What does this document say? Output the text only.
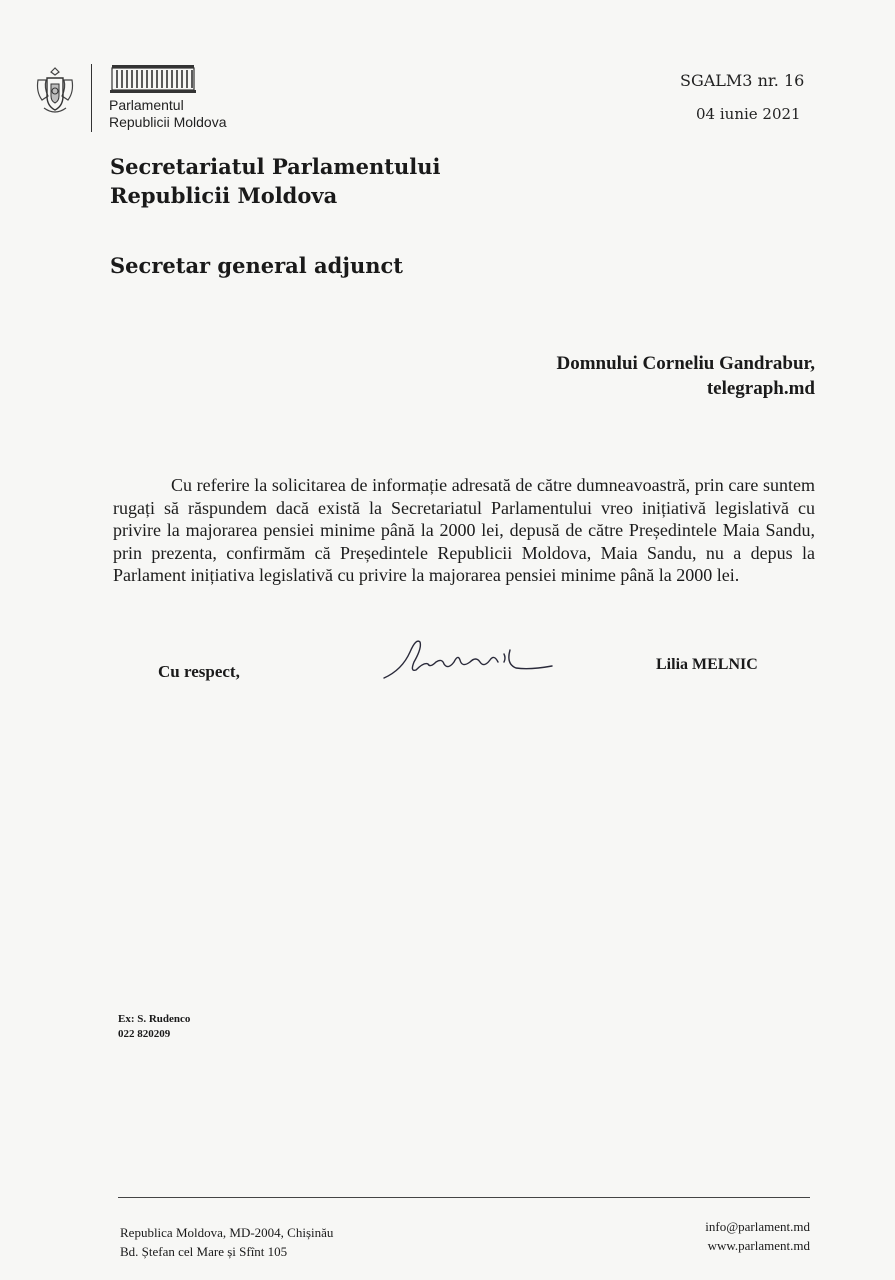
Parlamentul
Republicii Moldova
SGALM3 nr. 16
04 iunie 2021
Secretariatul Parlamentului
Republicii Moldova
Secretar general adjunct
Domnului Corneliu Gandrabur,
telegraph.md

Cu referire la solicitarea de informație adresată de către dumneavoastră, prin care suntem rugați să răspundem dacă există la Secretariatul Parlamentului vreo inițiativă legislativă cu privire la majorarea pensiei minime până la 2000 lei, depusă de către Președintele Maia Sandu, prin prezenta, confirmăm că Președintele Republicii Moldova, Maia Sandu, nu a depus la Parlament inițiativa legislativă cu privire la majorarea pensiei minime până la 2000 lei.

Cu respect,	Lilia MELNIC
Ex: S. Rudenco
022 820209
Republica Moldova, MD-2004, Chișinău
Bd. Ștefan cel Mare și Sfînt 105
info@parlament.md
www.parlament.md
